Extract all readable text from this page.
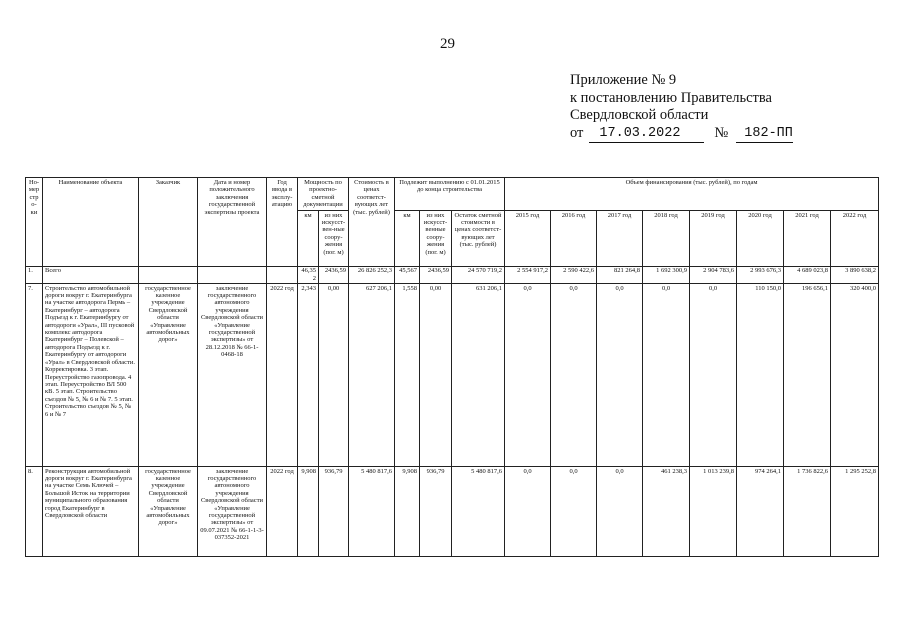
29
Приложение № 9
к постановлению Правительства
Свердловской области
от	17.03.2022	№	182-ПП
Но-мер стро-ки	Наименование объекта	Заказчик	Дата и номер положительного заключения государственной экспертизы проекта	Год ввода в эксплу-атацию	Мощность по проектно-сметной документации		Стоимость в ценах соответст-вующих лет (тыс. рублей)	Подлежит выполнению с 01.01.2015 до конца строительства			Объем финансирования (тыс. рублей), по годам							
					км	из них искусст-вен-ные соору-жения (пог. м)		км	из них искусст-венные соору-жения (пог. м)	Остаток сметной стоимости в ценах соответст-вующих лет (тыс. рублей)	2015 год	2016 год	2017 год	2018 год	2019 год	2020 год	2021 год	2022 год
1.	Всего				46,352	2436,59	26 826 252,3	45,567	2436,59	24 570 719,2	2 554 917,2	2 590 422,6	821 264,8	1 692 300,9	2 904 783,6	2 993 676,3	4 689 023,8	3 890 638,2
7.	Строительство автомобильной дороги вокруг г. Екатеринбурга на участке автодорога Пермь – Екатеринбург – автодорога Подъезд к г. Екатеринбургу от автодороги «Урал», III пусковой комплекс автодорога Екатеринбург – Полевской – автодорога Подъезд к г. Екатеринбургу от автодороги «Урал» в Свердловской области. Корректировка. 3 этап. Переустройство газопровода. 4 этап. Переустройство ВЛ 500 кВ. 5 этап. Строительство съездов № 5, № 6 и № 7. 5 этап. Строительство съездов № 5, № 6 и № 7	государственное казенное учреждение Свердловской области «Управление автомобильных дорог»	заключение государственного автономного учреждения Свердловской области «Управление государственной экспертизы» от 28.12.2018 № 66-1-0468-18	2022 год	2,343	0,00	627 206,1	1,558	0,00	631 206,1	0,0	0,0	0,0	0,0	0,0	110 150,0	196 656,1	320 400,0
8.	Реконструкция автомобильной дороги вокруг г. Екатеринбурга на участке Семь Ключей – Большой Исток на территории муниципального образования город Екатеринбург в Свердловской области	государственное казенное учреждение Свердловской области «Управление автомобильных дорог»	заключение государственного автономного учреждения Свердловской области «Управление государственной экспертизы» от 09.07.2021 № 66-1-1-3-037352-2021	2022 год	9,908	936,79	5 480 817,6	9,908	936,79	5 480 817,6	0,0	0,0	0,0	461 238,3	1 013 239,8	974 264,1	1 736 822,6	1 295 252,8
